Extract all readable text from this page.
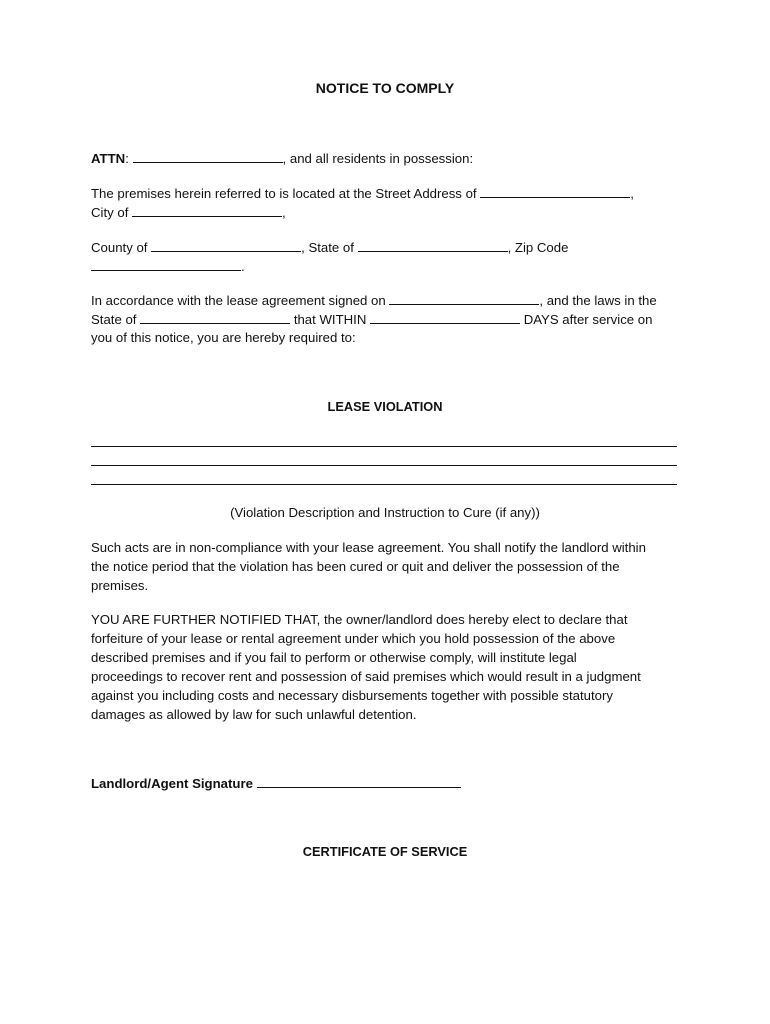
NOTICE TO COMPLY
ATTN:	, and all residents in possession:
The premises herein referred to is located at the Street Address of	,
City of	,
County of	, State of	, Zip Code
.
In accordance with the lease agreement signed on	, and the laws in the
State of	that WITHIN	DAYS after service on
you of this notice, you are hereby required to:
LEASE VIOLATION
(Violation Description and Instruction to Cure (if any))
Such acts are in non-compliance with your lease agreement. You shall notify the landlord within
the notice period that the violation has been cured or quit and deliver the possession of the
premises.
YOU ARE FURTHER NOTIFIED THAT, the owner/landlord does hereby elect to declare that
forfeiture of your lease or rental agreement under which you hold possession of the above
described premises and if you fail to perform or otherwise comply, will institute legal
proceedings to recover rent and possession of said premises which would result in a judgment
against you including costs and necessary disbursements together with possible statutory
damages as allowed by law for such unlawful detention.
Landlord/Agent Signature
CERTIFICATE OF SERVICE
